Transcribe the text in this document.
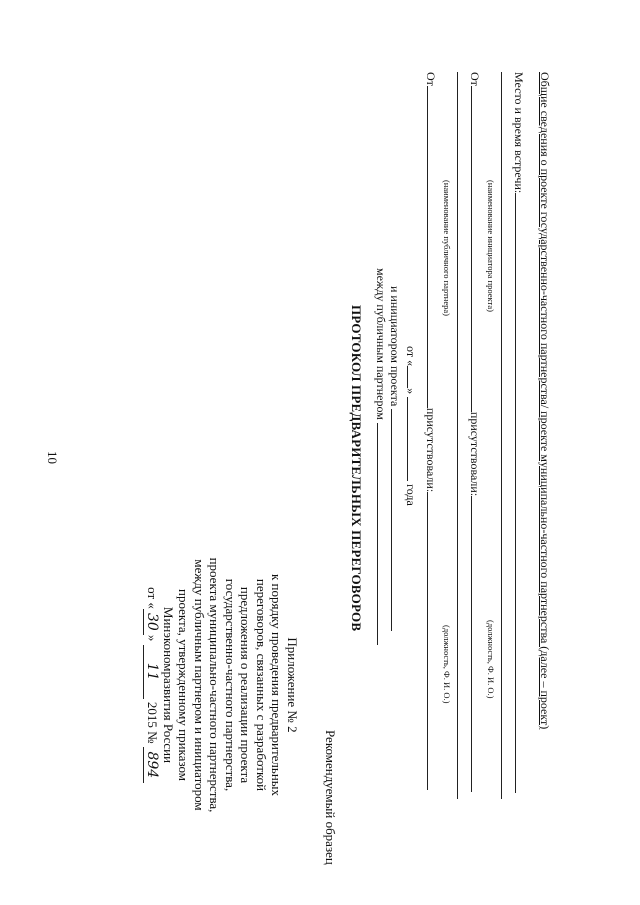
10
Приложение № 2
к порядку проведения предварительных
переговоров, связанных с разработкой
предложения о реализации проекта
государственно-частного партнерства,
проекта муниципально-частного партнерства,
между публичным партнером и инициатором
проекта, утвержденному приказом
Минэкономразвития России
от «30» 11 2015 № 894	Рекомендуемый образец
ПРОТОКОЛ ПРЕДВАРИТЕЛЬНЫХ ПЕРЕГОВОРОВ между публичным партнером и инициатором проекта от «»  года
Отприсутствовали:
(наименование публичного партнера)
(должность, Ф. И. О.)
Отприсутствовали:
(наименование инициатора проекта)
(должность, Ф. И. О.)
Место и время встречи: Общие сведения о проекте государственно-частного партнерства/ проекте муниципально-частного партнерства (далее – проект)
